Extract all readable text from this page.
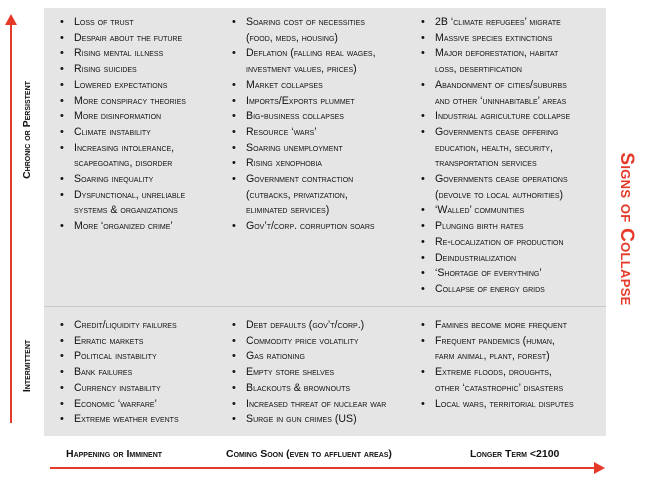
• Loss of trust
• Despair about the future
• Rising mental illness
• Rising suicides
• Lowered expectations
• More conspiracy theories
• More disinformation
• Climate instability
• Increasing intolerance,
scapegoating, disorder
• Soaring inequality
• Dysfunctional, unreliable
systems & organizations
• More ‘organized crime’
• Soaring cost of necessities
(food, meds, housing)
• Deflation (falling real wages,
investment values, prices)
• Market collapses
• Imports/Exports plummet
• Big-business collapses
• Resource ‘wars’
• Soaring unemployment
• Rising xenophobia
• Government contraction
(cutbacks, privatization,
eliminated services)
• Gov’t/corp. corruption soars
• 2B ‘climate refugees’ migrate
• Massive species extinctions
• Major deforestation, habitat
loss, desertification
• Abandonment of cities/suburbs
and other ‘uninhabitable’ areas
• Industrial agriculture collapse
• Governments cease offering
education, health, security,
transportation services
• Governments cease operations
(devolve to local authorities)
• ‘Walled’ communities
• Plunging birth rates
• Re-localization of production
• Deindustrialization
• ‘Shortage of everything’
• Collapse of energy grids
• Credit/liquidity failures
• Erratic markets
• Political instability
• Bank failures
• Currency instability
• Economic ‘warfare’
• Extreme weather events
• Debt defaults (gov’t/corp.)
• Commodity price volatility
• Gas rationing
• Empty store shelves
• Blackouts & brownouts
• Increased threat of nuclear war
• Surge in gun crimes (US)
• Famines become more frequent
• Frequent pandemics (human,
farm animal, plant, forest)
• Extreme floods, droughts,
other ‘catastrophic’ disasters
• Local wars, territorial disputes
Chronic or Persistent
Intermittent
Happening or Imminent	Coming Soon (even to affluent areas)	Longer Term <2100
Signs of Collapse
